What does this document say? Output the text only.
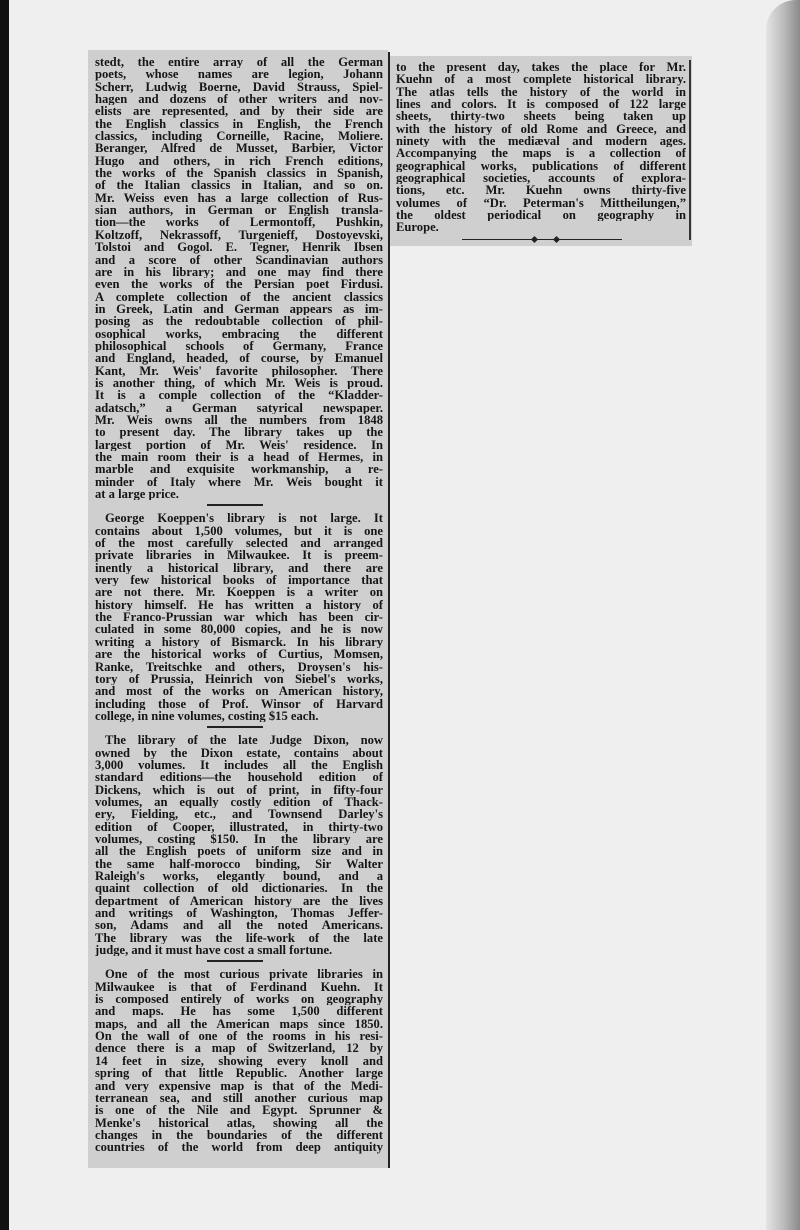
stedt, the entire array of all the German
poets, whose names are legion, Johann
Scherr, Ludwig Boerne, David Strauss, Spiel-
hagen and dozens of other writers and nov-
elists are represented, and by their side are
the English classics in English, the French
classics, including Corneille, Racine, Moliere.
Beranger, Alfred de Musset, Barbier, Victor
Hugo and others, in rich French editions,
the works of the Spanish classics in Spanish,
of the Italian classics in Italian, and so on.
Mr. Weiss even has a large collection of Rus-
sian authors, in German or English transla-
tion—the works of Lermontoff, Pushkin,
Koltzoff, Nekrassoff, Turgenieff, Dostoyevski,
Tolstoi and Gogol. E. Tegner, Henrik Ibsen
and a score of other Scandinavian authors
are in his library; and one may find there
even the works of the Persian poet Firdusi.
A complete collection of the ancient classics
in Greek, Latin and German appears as im-
posing as the redoubtable collection of phil-
osophical works, embracing the different
philosophical schools of Germany, France
and England, headed, of course, by Emanuel
Kant, Mr. Weis' favorite philosopher. There
is another thing, of which Mr. Weis is proud.
It is a comple collection of the “Kladder-
adatsch,” a German satyrical newspaper.
Mr. Weis owns all the numbers from 1848
to present day. The library takes up the
largest portion of Mr. Weis' residence. In
the main room their is a head of Hermes, in
marble and exquisite workmanship, a re-
minder of Italy where Mr. Weis bought it
at a large price.
George Koeppen's library is not large. It
contains about 1,500 volumes, but it is one
of the most carefully selected and arranged
private libraries in Milwaukee. It is preem-
inently a historical library, and there are
very few historical books of importance that
are not there. Mr. Koeppen is a writer on
history himself. He has written a history of
the Franco-Prussian war which has been cir-
culated in some 80,000 copies, and he is now
writing a history of Bismarck. In his library
are the historical works of Curtius, Momsen,
Ranke, Treitschke and others, Droysen's his-
tory of Prussia, Heinrich von Siebel's works,
and most of the works on American history,
including those of Prof. Winsor of Harvard
college, in nine volumes, costing $15 each.
The library of the late Judge Dixon, now
owned by the Dixon estate, contains about
3,000 volumes. It includes all the English
standard editions—the household edition of
Dickens, which is out of print, in fifty-four
volumes, an equally costly edition of Thack-
ery, Fielding, etc., and Townsend Darley's
edition of Cooper, illustrated, in thirty-two
volumes, costing $150. In the library are
all the English poets of uniform size and in
the same half-morocco binding, Sir Walter
Raleigh's works, elegantly bound, and a
quaint collection of old dictionaries. In the
department of American history are the lives
and writings of Washington, Thomas Jeffer-
son, Adams and all the noted Americans.
The library was the life-work of the late
judge, and it must have cost a small fortune.
One of the most curious private libraries in
Milwaukee is that of Ferdinand Kuehn. It
is composed entirely of works on geography
and maps. He has some 1,500 different
maps, and all the American maps since 1850.
On the wall of one of the rooms in his resi-
dence there is a map of Switzerland, 12 by
14 feet in size, showing every knoll and
spring of that little Republic. Another large
and very expensive map is that of the Medi-
terranean sea, and still another curious map
is one of the Nile and Egypt. Sprunner &
Menke's historical atlas, showing all the
changes in the boundaries of the different
countries of the world from deep antiquity
to the present day, takes the place for Mr.
Kuehn of a most complete historical library.
The atlas tells the history of the world in
lines and colors. It is composed of 122 large
sheets, thirty-two sheets being taken up
with the history of old Rome and Greece, and
ninety with the mediæval and modern ages.
Accompanying the maps is a collection of
geographical works, publications of different
geographical societies, accounts of explora-
tions, etc. Mr. Kuehn owns thirty-five
volumes of “Dr. Peterman's Mittheilungen,”
the oldest periodical on geography in
Europe.
